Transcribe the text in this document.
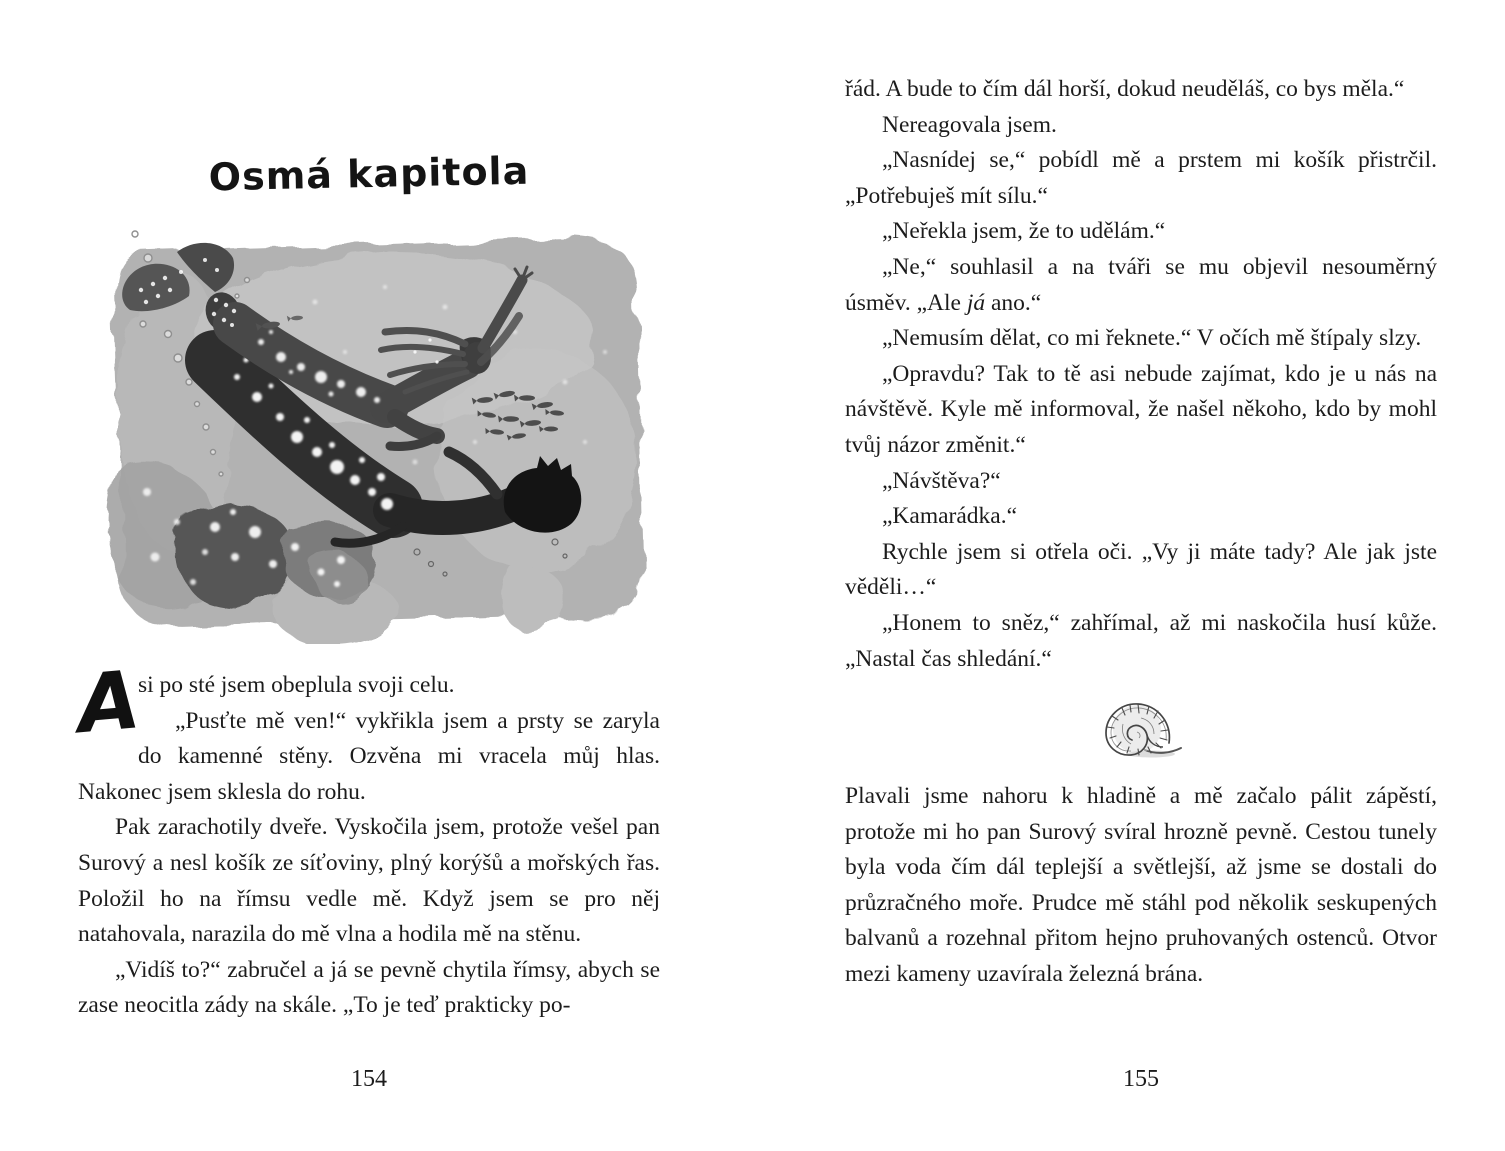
Osmá kapitola

A
si po sté jsem obeplula svoji celu.

„Pusťte mě ven!“ vykřikla jsem a prsty se zaryla do kamenné stěny. Ozvěna mi vracela můj hlas. Nakonec jsem sklesla do rohu.

Pak zarachotily dveře. Vyskočila jsem, protože vešel pan Surový a nesl košík ze síťoviny, plný korýšů a mořských řas. Položil ho na římsu vedle mě. Když jsem se pro něj natahovala, narazila do mě vlna a hodila mě na stěnu.

„Vidíš to?“ zabručel a já se pevně chytila římsy, abych se zase neocitla zády na skále. „To je teď prakticky po-

154

řád. A bude to čím dál horší, dokud neuděláš, co bys měla.“

Nereagovala jsem.

„Nasnídej se,“ pobídl mě a prstem mi košík přistrčil. „Potřebuješ mít sílu.“

„Neřekla jsem, že to udělám.“

„Ne,“ souhlasil a na tváři se mu objevil nesouměrný úsměv. „Ale já ano.“

„Nemusím dělat, co mi řeknete.“ V očích mě štípaly slzy.

„Opravdu? Tak to tě asi nebude zajímat, kdo je u nás na návštěvě. Kyle mě informoval, že našel někoho, kdo by mohl tvůj názor změnit.“

„Návštěva?“

„Kamarádka.“

Rychle jsem si otřela oči. „Vy ji máte tady? Ale jak jste věděli…“

„Honem to sněz,“ zahřímal, až mi naskočila husí kůže. „Nastal čas shledání.“

Plavali jsme nahoru k hladině a mě začalo pálit zápěstí, protože mi ho pan Surový svíral hrozně pevně. Cestou tunely byla voda čím dál teplejší a světlejší, až jsme se dostali do průzračného moře. Prudce mě stáhl pod několik seskupených balvanů a rozehnal přitom hejno pruhovaných ostenců. Otvor mezi kameny uzavírala železná brána.

155
